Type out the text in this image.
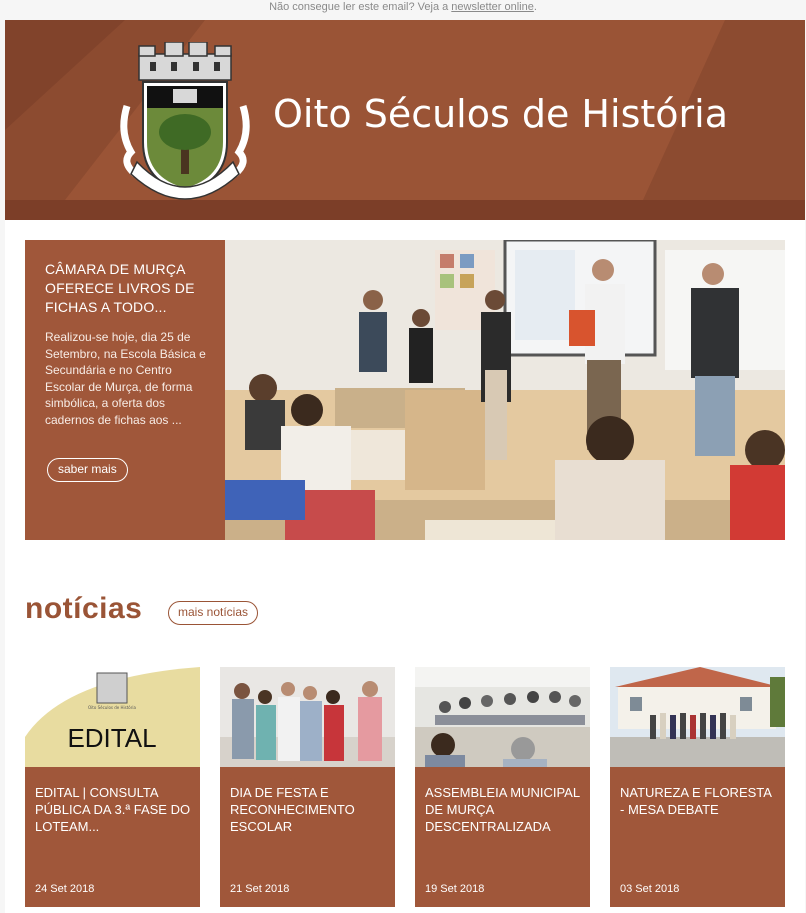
Não consegue ler este email? Veja a newsletter online.
Oito Séculos de História
CÂMARA DE MURÇA OFERECE LIVROS DE FICHAS A TODO...
Realizou-se hoje, dia 25 de Setembro, na Escola Básica e Secundária e no Centro Escolar de Murça, de forma simbólica, a oferta dos cadernos de fichas aos ...
saber mais
notícias	mais notícias
Oito Séculos de História
EDITAL
EDITAL | CONSULTA PÚBLICA DA 3.ª FASE DO LOTEAM...
24 Set 2018
DIA DE FESTA E RECONHECIMENTO ESCOLAR
21 Set 2018
ASSEMBLEIA MUNICIPAL DE MURÇA DESCENTRALIZADA
19 Set 2018
NATUREZA E FLORESTA - MESA DEBATE
03 Set 2018
